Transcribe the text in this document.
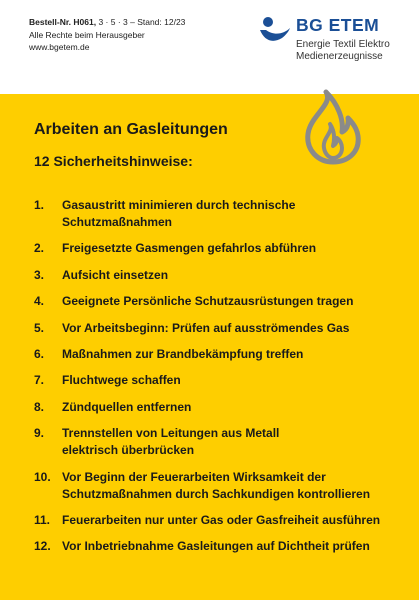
Bestell-Nr. H061, 3 · 5 · 3 – Stand: 12/23
Alle Rechte beim Herausgeber
www.bgetem.de
BG ETEM
Energie Textil Elektro
Medienerzeugnisse
Arbeiten an Gasleitungen
12 Sicherheitshinweise:
1. Gasaustritt minimieren durch technische
Schutzmaßnahmen
2. Freigesetzte Gasmengen gefahrlos abführen
3. Aufsicht einsetzen
4. Geeignete Persönliche Schutzausrüstungen tragen
5. Vor Arbeitsbeginn: Prüfen auf ausströmendes Gas
6. Maßnahmen zur Brandbekämpfung treffen
7. Fluchtwege schaffen
8. Zündquellen entfernen
9. Trennstellen von Leitungen aus Metall
elektrisch überbrücken
10. Vor Beginn der Feuerarbeiten Wirksamkeit der
Schutzmaßnahmen durch Sachkundigen kontrollieren
11. Feuerarbeiten nur unter Gas oder Gasfreiheit ausführen
12. Vor Inbetriebnahme Gasleitungen auf Dichtheit prüfen
